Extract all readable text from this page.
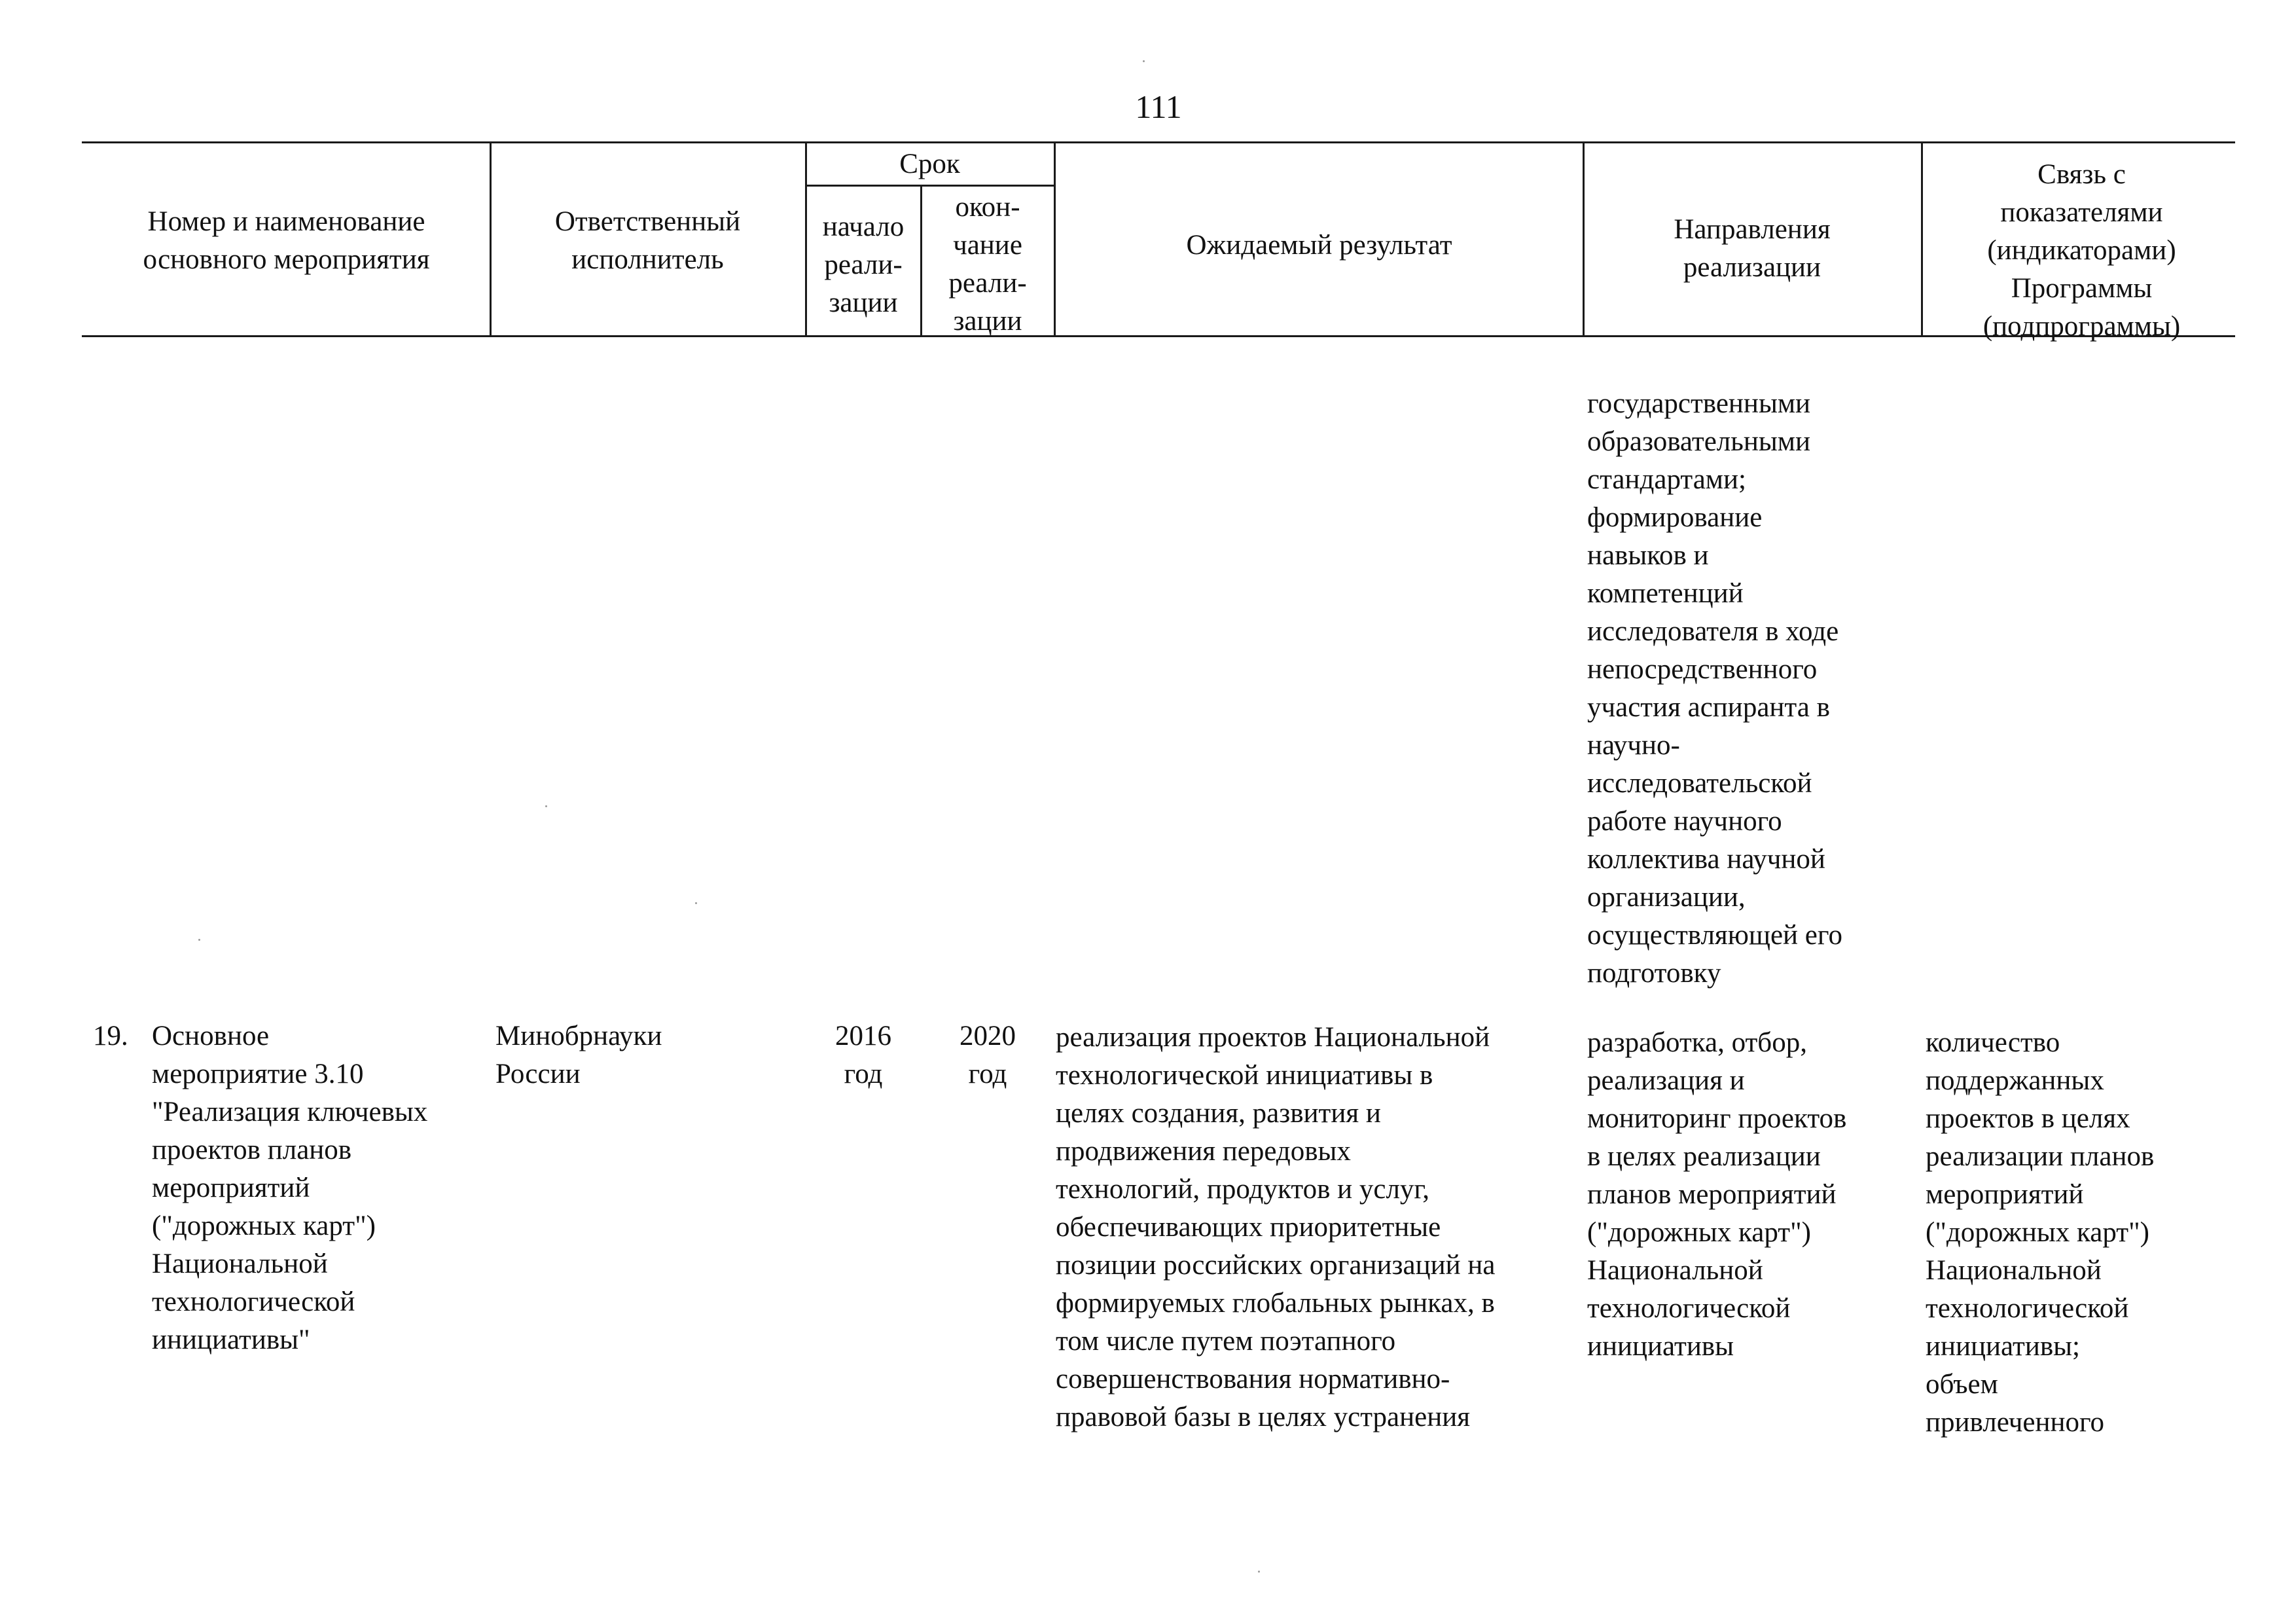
111
Номер и наименование
основного мероприятия
Ответственный
исполнитель
Срок
начало
реали-
зации
окон-
чание
реали-
зации
Ожидаемый результат
Направления
реализации
Связь с
показателями
(индикаторами)
Программы
(подпрограммы)
государственными
образовательными
стандартами;
формирование
навыков и
компетенций
исследователя в ходе
непосредственного
участия аспиранта в
научно-
исследовательской
работе научного
коллектива научной
организации,
осуществляющей его
подготовку
19. Основное
мероприятие 3.10
"Реализация ключевых
проектов планов
мероприятий
("дорожных карт")
Национальной
технологической
инициативы"
Минобрнауки
России
2016
год
2020
год
реализация проектов Национальной
технологической инициативы в
целях создания, развития и
продвижения передовых
технологий, продуктов и услуг,
обеспечивающих приоритетные
позиции российских организаций на
формируемых глобальных рынках, в
том числе путем поэтапного
совершенствования нормативно-
правовой базы в целях устранения
разработка, отбор,
реализация и
мониторинг проектов
в целях реализации
планов мероприятий
("дорожных карт")
Национальной
технологической
инициативы
количество
поддержанных
проектов в целях
реализации планов
мероприятий
("дорожных карт")
Национальной
технологической
инициативы;
объем
привлеченного
